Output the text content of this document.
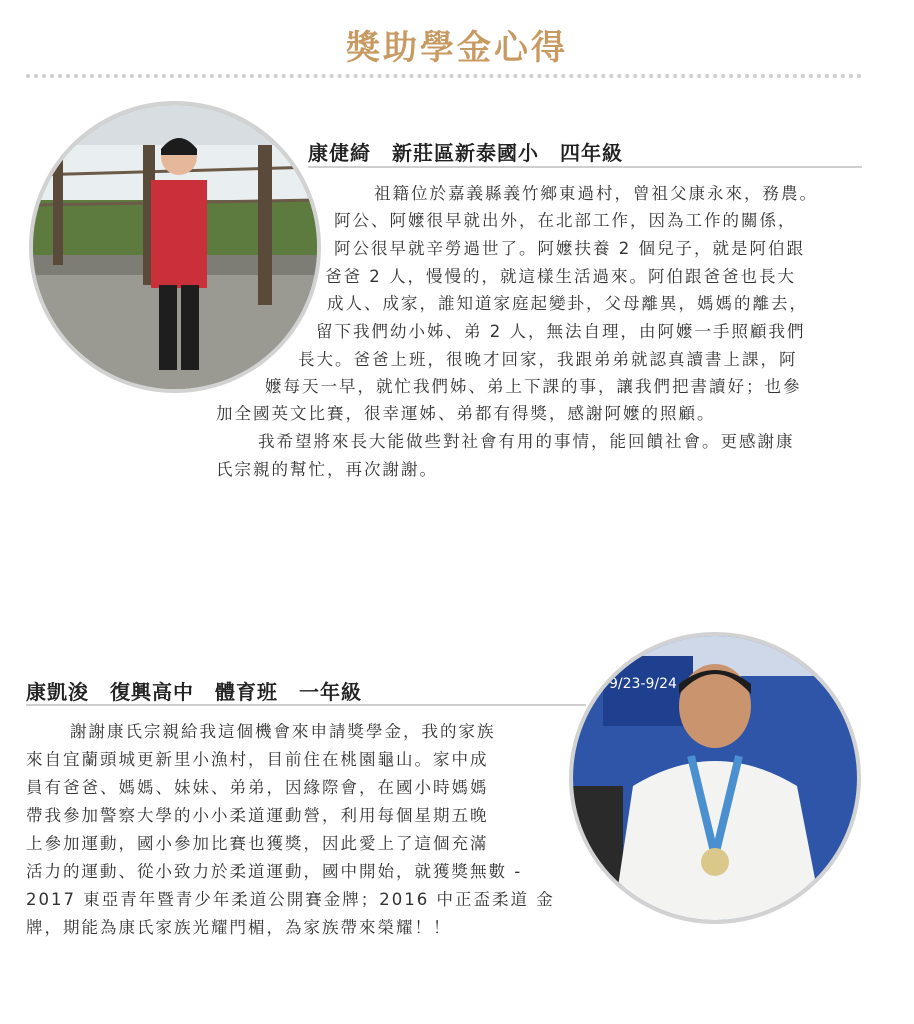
獎助學金心得
康倢綺　新莊區新泰國小　四年級
祖籍位於嘉義縣義竹鄉東過村，曾祖父康永來，務農。
阿公、阿嬤很早就出外，在北部工作，因為工作的關係，
阿公很早就辛勞過世了。阿嬤扶養 2 個兒子，就是阿伯跟
爸爸 2 人，慢慢的，就這樣生活過來。阿伯跟爸爸也長大
成人、成家，誰知道家庭起變卦，父母離異，媽媽的離去，
留下我們幼小姊、弟 2 人，無法自理，由阿嬤一手照顧我們
長大。爸爸上班，很晚才回家，我跟弟弟就認真讀書上課，阿
嬤每天一早，就忙我們姊、弟上下課的事，讓我們把書讀好；也參
加全國英文比賽，很幸運姊、弟都有得獎，感謝阿嬤的照顧。
我希望將來長大能做些對社會有用的事情，能回饋社會。更感謝康
氏宗親的幫忙，再次謝謝。
康凱浚　復興高中　體育班　一年級
謝謝康氏宗親給我這個機會來申請獎學金，我的家族
來自宜蘭頭城更新里小漁村，目前住在桃園龜山。家中成
員有爸爸、媽媽、妹妹、弟弟，因緣際會，在國小時媽媽
帶我參加警察大學的小小柔道運動營，利用每個星期五晚
上參加運動，國小參加比賽也獲獎，因此愛上了這個充滿
活力的運動、從小致力於柔道運動，國中開始，就獲獎無數 -
2017 東亞青年暨青少年柔道公開賽金牌；2016 中正盃柔道 金
牌，期能為康氏家族光耀門楣，為家族帶來榮耀！！
9/23-9/24
